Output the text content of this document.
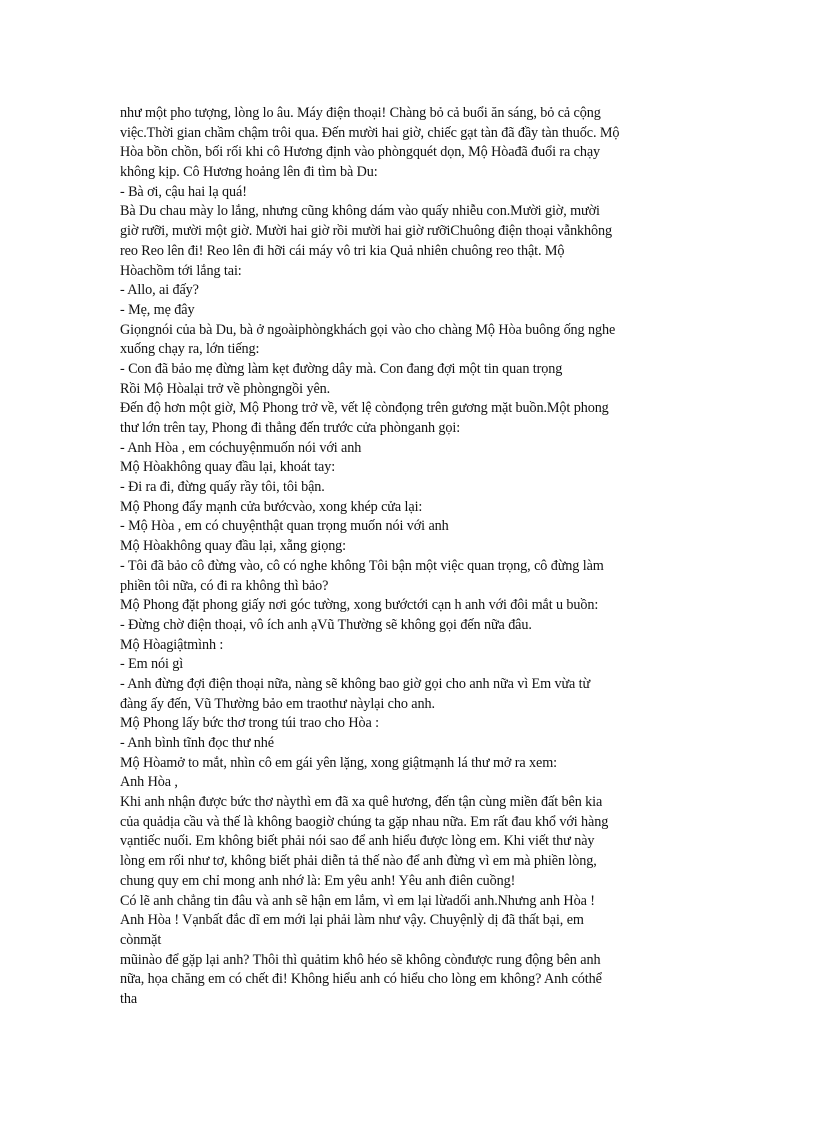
như một pho tượng, lòng lo âu. Máy điện thoại! Chàng bỏ cả buổi ăn sáng, bỏ cả cộng
việc.Thời gian chầm chậm trôi qua. Đến mười hai giờ, chiếc gạt tàn đã đầy tàn thuốc. Mộ
Hòa bồn chồn, bối rối khi cô Hương định vào phòngquét dọn, Mộ Hòađã đuổi ra chạy
không kịp. Cô Hương hoảng lên đi tìm bà Du:
- Bà ơi, cậu hai lạ quá!
Bà Du chau mày lo lắng, nhưng cũng không dám vào quấy nhiễu con.Mười giờ, mười
giờ rưỡi, mười một giờ. Mười hai giờ rồi mười hai giờ rưỡiChuông điện thoại vẫnkhông
reo Reo lên đi! Reo lên đi hỡi cái máy vô tri kia Quả nhiên chuông reo thật. Mộ
Hòachồm tới lắng tai:
- Allo, ai đấy?
- Mẹ, mẹ đây
Giọngnói của bà Du, bà ở ngoàiphòngkhách gọi vào cho chàng Mộ Hòa buông ống nghe
xuống chạy ra, lớn tiếng:
- Con đã bảo mẹ đừng làm kẹt đường dây mà. Con đang đợi một tin quan trọng
Rồi Mộ Hòalại trở về phòngngồi yên.
Đến độ hơn một giờ, Mộ Phong trở về, vết lệ cònđọng trên gương mặt buồn.Một phong
thư lớn trên tay, Phong đi thẳng đến trước cửa phònganh gọi:
- Anh Hòa , em cóchuyệnmuốn nói với anh
Mộ Hòakhông quay đầu lại, khoát tay:
- Đi ra đi, đừng quấy rầy tôi, tôi bận.
Mộ Phong đẩy mạnh cửa bướcvào, xong khép cửa lại:
- Mộ Hòa , em có chuyệnthật quan trọng muốn nói với anh
Mộ Hòakhông quay đầu lại, xẵng giọng:
- Tôi đã bảo cô đừng vào, cô có nghe không Tôi bận một việc quan trọng, cô đừng làm
phiền tôi nữa, có đi ra không thì bảo?
Mộ Phong đặt phong giấy nơi góc tường, xong bướctới cạn h anh với đôi mắt u buồn:
- Đừng chờ điện thoại, vô ích anh ạVũ Thường sẽ không gọi đến nữa đâu.
Mộ Hòagiậtmình :
- Em nói gì
- Anh đừng đợi điện thoại nữa, nàng sẽ không bao giờ gọi cho anh nữa vì Em vừa từ
đàng ấy đến, Vũ Thường bảo em traothư nàylại cho anh.
Mộ Phong lấy bức thơ trong túi trao cho Hòa :
- Anh bình tĩnh đọc thư nhé
Mộ Hòamở to mắt, nhìn cô em gái yên lặng, xong giậtmạnh lá thư mở ra xem:
Anh Hòa ,
Khi anh nhận được bức thơ nàythì em đã xa quê hương, đến tận cùng miền đất bên kia
của quảdịa cầu và thế là không baogiờ chúng ta gặp nhau nữa. Em rất đau khổ với hàng
vạntiếc nuối. Em không biết phải nói sao để anh hiểu được lòng em. Khi viết thư này
lòng em rối như tơ, không biết phải diễn tả thế nào để anh đừng vì em mà phiền lòng,
chung quy em chỉ mong anh nhớ là: Em yêu anh! Yêu anh điên cuồng!
Có lẽ anh chẳng tin đâu và anh sẽ hận em lắm, vì em lại lừadối anh.Nhưng anh Hòa !
Anh Hòa ! Vạnbất đắc dĩ em mới lại phải làm như vậy. Chuyệnlỳ dị đã thất bại, em
cònmặt
mũinào để gặp lại anh? Thôi thì quảtim khô héo sẽ không cònđược rung động bên anh
nữa, họa chăng em có chết đi! Không hiểu anh có hiểu cho lòng em không? Anh cóthể
tha
